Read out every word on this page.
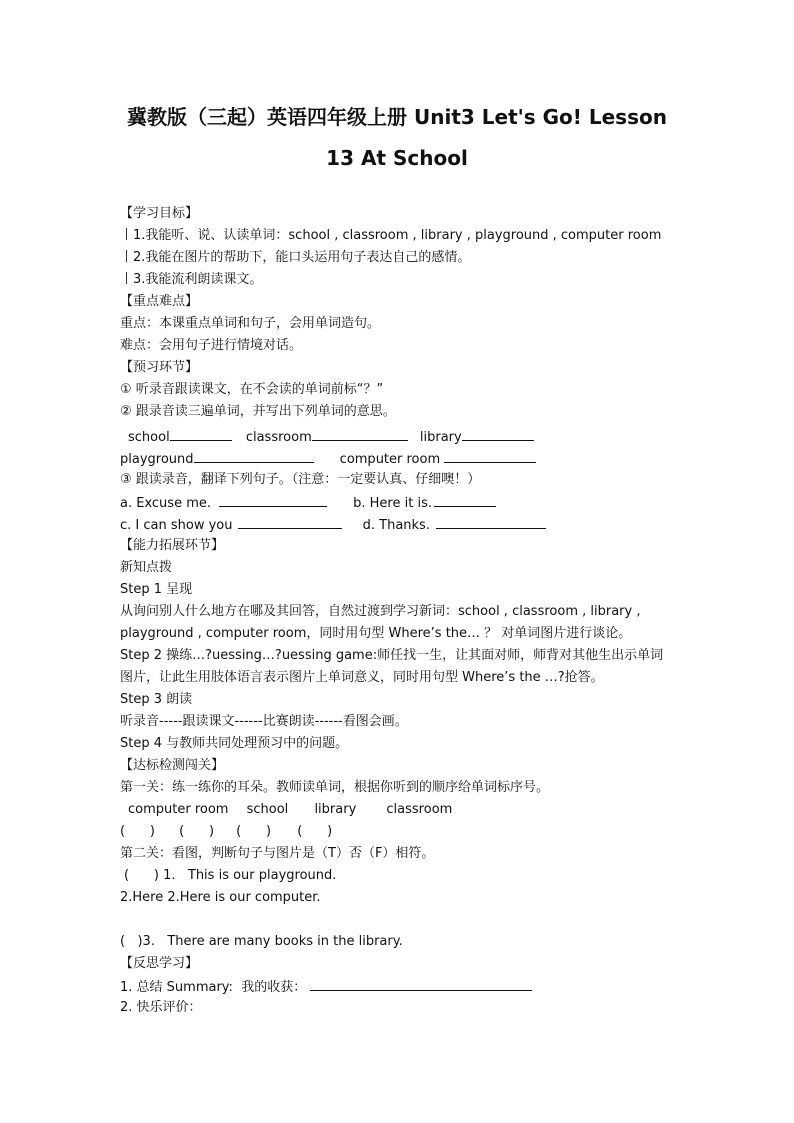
冀教版（三起）英语四年级上册 Unit3 Let's Go! Lesson
13 At School
【学习目标】
丨1.我能听、说、认读单词：school , classroom , library , playground , computer room
丨2.我能在图片的帮助下，能口头运用句子表达自己的感情。
丨3.我能流利朗读课文。
【重点难点】
重点：本课重点单词和句子，会用单词造句。
难点：会用句子进行情境对话。
【预习环节】
① 听录音跟读课文，在不会读的单词前标“？”
② 跟录音读三遍单词，并写出下列单词的意思。
school	classroom	library
playground	computer room
③ 跟读录音，翻译下列句子。（注意：一定要认真、仔细噢！）
a. Excuse me.	b. Here it is.
c. I can show you	d. Thanks.
【能力拓展环节】
新知点拨
Step 1 呈现
从询问别人什么地方在哪及其回答，自然过渡到学习新词：school , classroom , library ,
playground , computer room，同时用句型 Where’s the… ？ 对单词图片进行谈论。
Step 2 操练…?uessing…?uessing game:师任找一生，让其面对师，师背对其他生出示单词
图片，让此生用肢体语言表示图片上单词意义，同时用句型 Where’s the …?抢答。
Step 3 朗读
听录音-----跟读课文------比赛朗读------看图会画。
Step 4 与教师共同处理预习中的问题。
【达标检测闯关】
第一关：练一练你的耳朵。教师读单词，根据你听到的顺序给单词标序号。
computer room school library classroom
(      ) (      ) (      ) (      )
第二关：看图，判断句子与图片是（T）否（F）相符。
(      ) 1.   This is our playground.
2.Here 2.Here is our computer.
(   )3.   There are many books in the library.
【反思学习】
1. 总结 Summary:  我的收获：
2. 快乐评价：
